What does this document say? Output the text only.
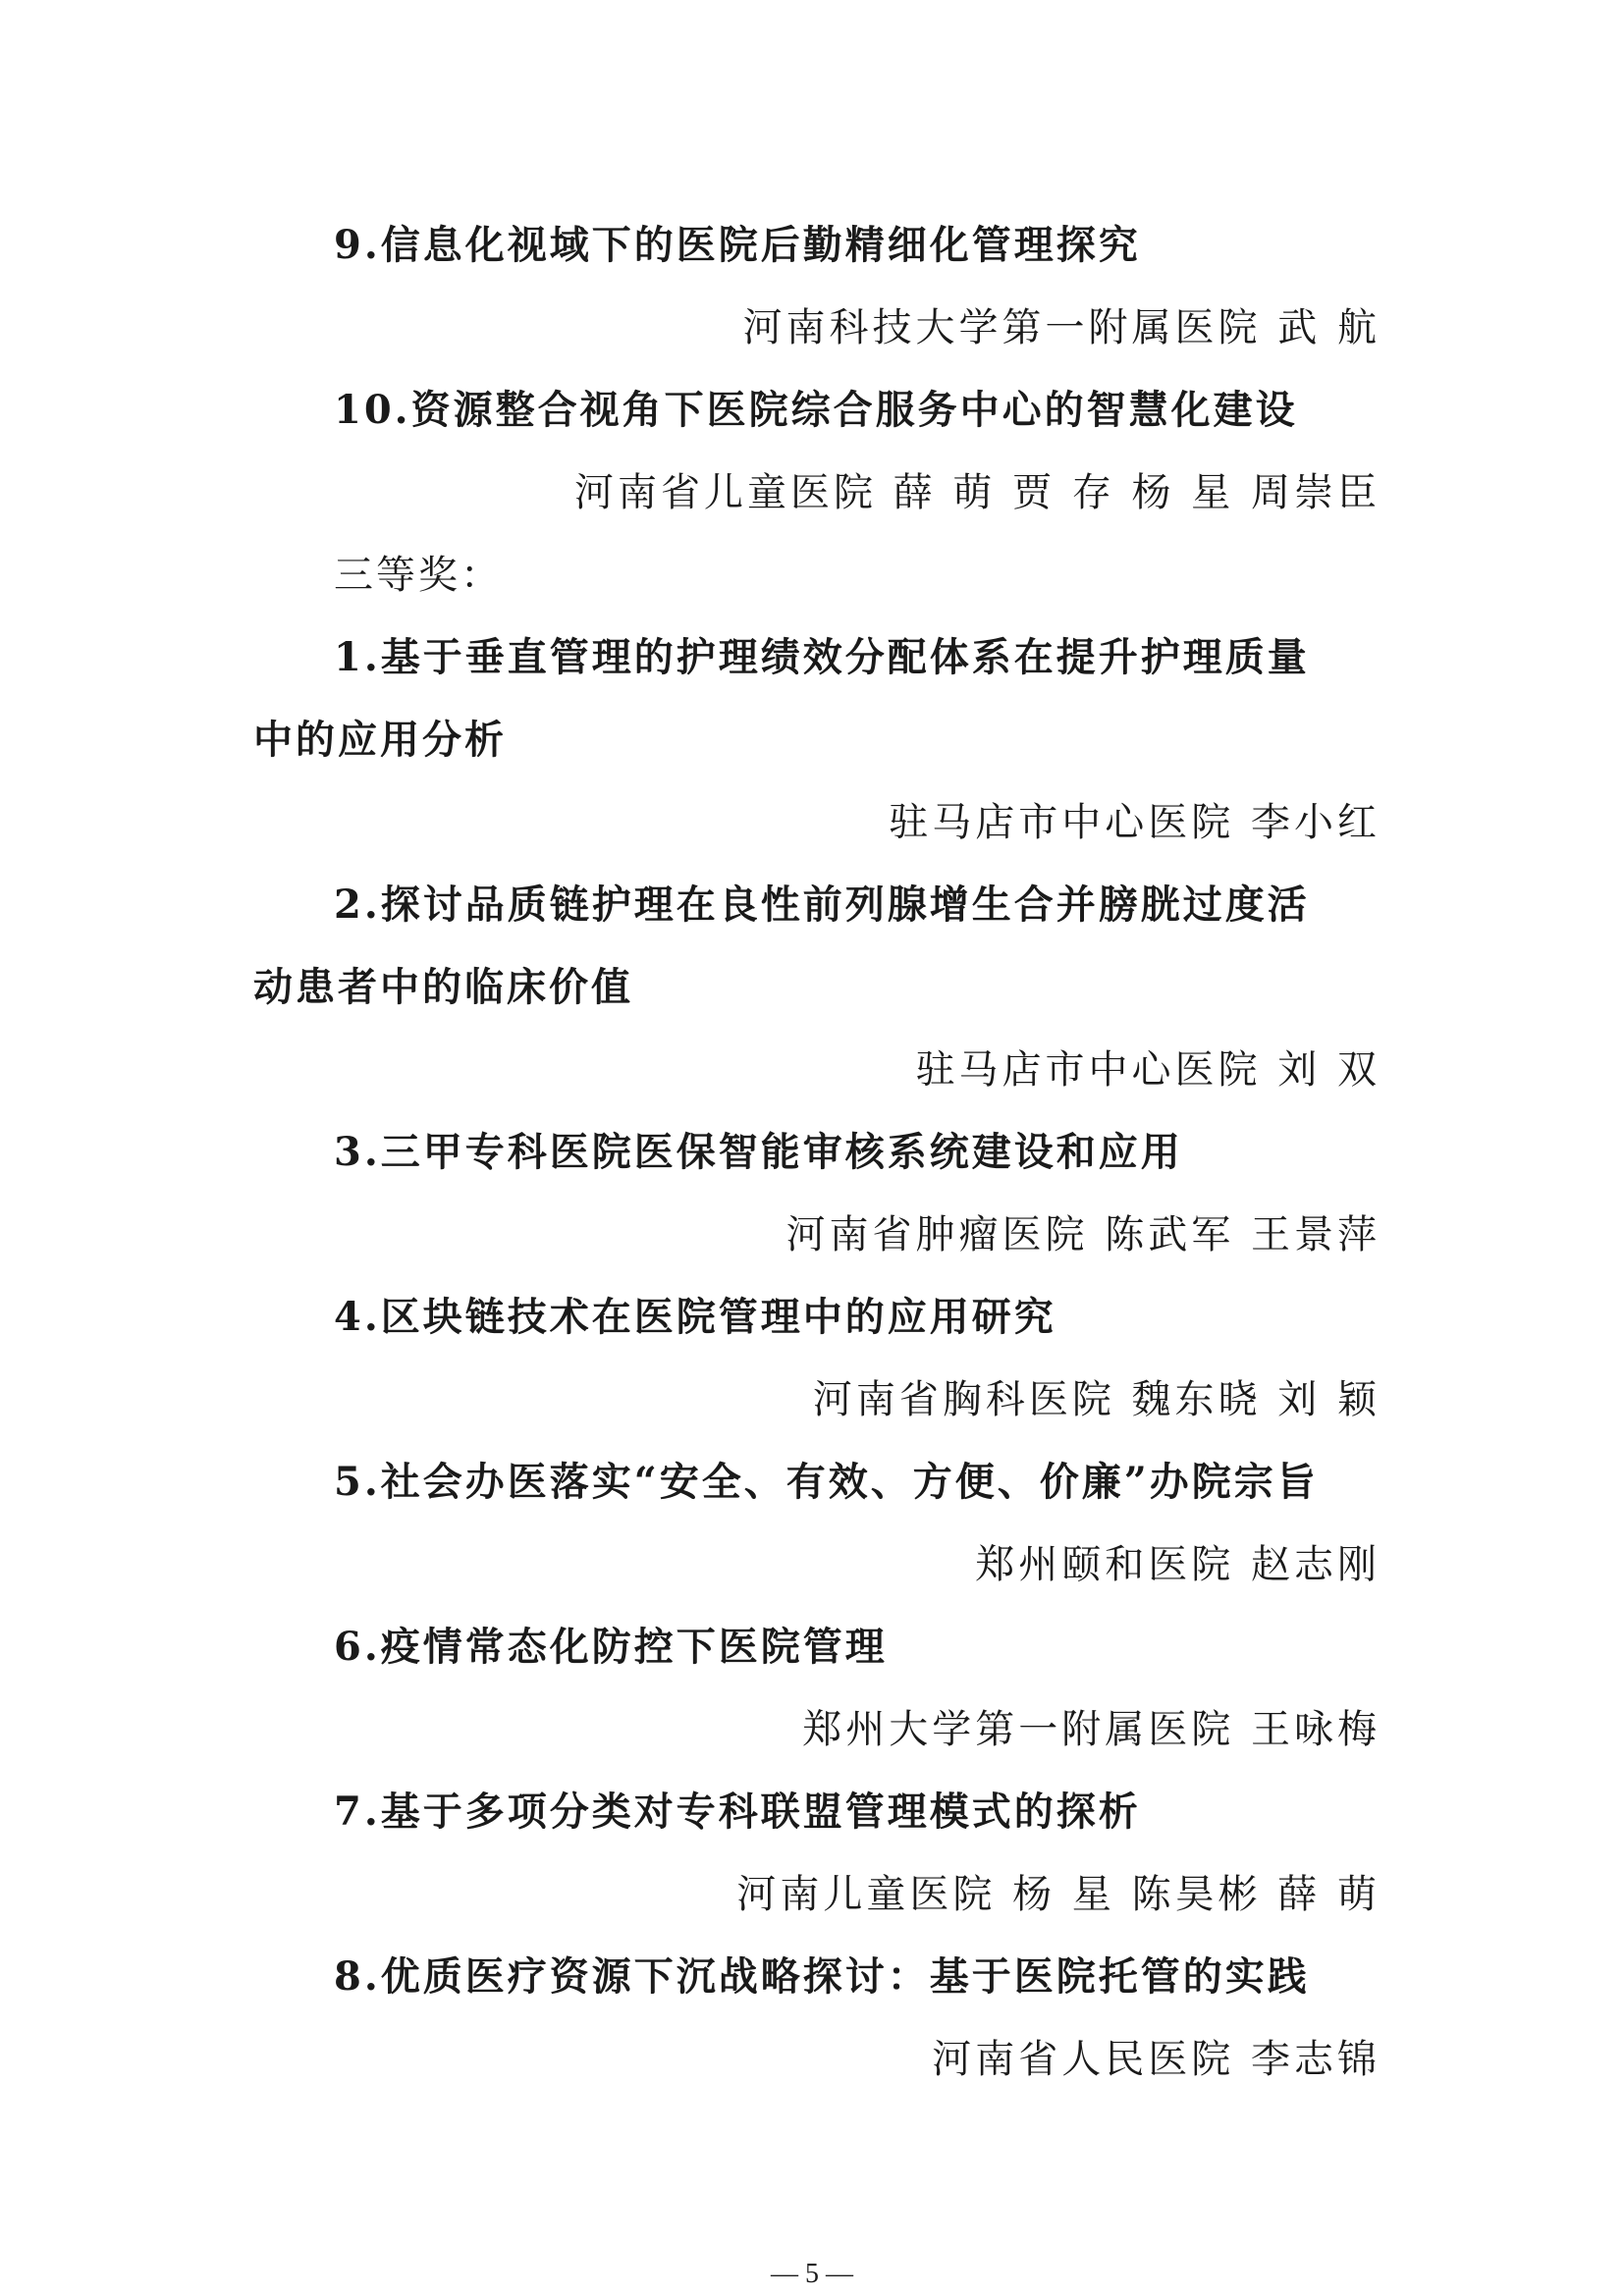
9.信息化视域下的医院后勤精细化管理探究
河南科技大学第一附属医院 武 航
10.资源整合视角下医院综合服务中心的智慧化建设
河南省儿童医院 薛 萌 贾 存 杨 星 周崇臣
三等奖：
1.基于垂直管理的护理绩效分配体系在提升护理质量
中的应用分析
驻马店市中心医院 李小红
2.探讨品质链护理在良性前列腺增生合并膀胱过度活
动患者中的临床价值
驻马店市中心医院 刘 双
3.三甲专科医院医保智能审核系统建设和应用
河南省肿瘤医院 陈武军 王景萍
4.区块链技术在医院管理中的应用研究
河南省胸科医院 魏东晓 刘 颖
5.社会办医落实“安全、有效、方便、价廉”办院宗旨
郑州颐和医院 赵志刚
6.疫情常态化防控下医院管理
郑州大学第一附属医院 王咏梅
7.基于多项分类对专科联盟管理模式的探析
河南儿童医院 杨 星 陈昊彬 薛 萌
8.优质医疗资源下沉战略探讨：基于医院托管的实践
河南省人民医院 李志锦
— 5 —
